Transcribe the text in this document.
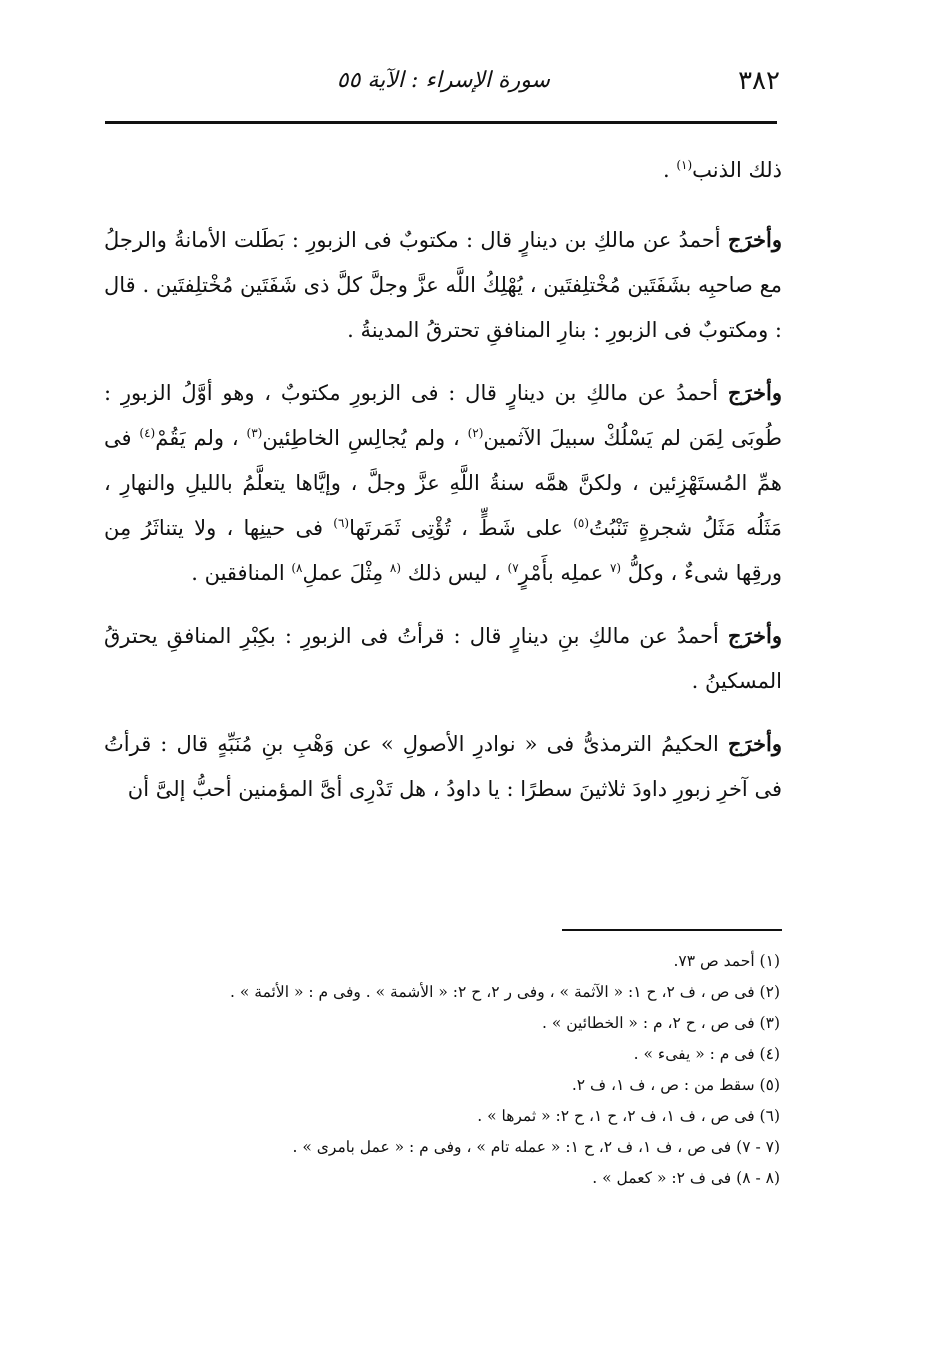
٣٨٢
سورة الإسراء : الآية ٥٥

ذلك الذنب$^{(١)}$ .

وأخرَج أحمدُ عن مالكِ بن دينارٍ قال : مكتوبٌ فى الزبورِ : بَطَلت الأمانةُ والرجلُ مع صاحبِه بشَفَتَين مُخْتلِفتَين ، يُهْلِكُ اللَّه عزَّ وجلَّ كلَّ ذى شَفَتَين مُخْتلِفتَين . قال : ومكتوبٌ فى الزبورِ : بنارِ المنافقِ تحترقُ المدينةُ .

وأخرَج أحمدُ عن مالكِ بن دينارٍ قال : فى الزبورِ مكتوبٌ ، وهو أوَّلُ الزبورِ : طُوبَى لِمَن لم يَسْلُكْ سبيلَ الآثمين$^{(٢)}$ ، ولم يُجالِسِ الخاطِئين$^{(٣)}$ ، ولم يَقُمْ$^{(٤)}$ فى همِّ المُستَهْزِئين ، ولكنَّ همَّه سنةُ اللَّهِ عزَّ وجلَّ ، وإيَّاها يتعلَّمُ بالليلِ والنهارِ ، مَثَلُه مَثَلُ شجرةٍ تَنْبُتُ$^{(٥)}$ على شَطٍّ ، تُؤْتِى ثَمَرتَها$^{(٦)}$ فى حينِها ، ولا يتناثَرُ مِن ورقِها شىءٌ ، وكلُّ $^{(٧}$ عملِه بأَمْرٍ$^{٧)}$ ، ليس ذلك $^{(٨}$ مِثْلَ عملِ$^{٨)}$ المنافقين .

وأخرَج أحمدُ عن مالكِ بنِ دينارٍ قال : قرأتُ فى الزبورِ : بكِبْرِ المنافقِ يحترقُ المسكينُ .

وأخرَج الحكيمُ الترمذىُّ فى « نوادرِ الأصولِ » عن وَهْبِ بنِ مُنَبِّهٍ قال : قرأتُ فى آخرِ زبورِ داودَ ثلاثينَ سطرًا : يا داودُ ، هل تَدْرِى أىَّ المؤمنين أحبُّ إلىَّ أن

(١) أحمد ص ٧٣.
(٢) فى ص ، ف ٢، ح ١: « الآثمة » ، وفى ر ٢، ح ٢: « الأشمة » . وفى م : « الأئمة » .
(٣) فى ص ، ح ٢، م : « الخطائين » .
(٤) فى م : « يفىء » .
(٥) سقط من : ص ، ف ١، ف ٢.
(٦) فى ص ، ف ١، ف ٢، ح ١، ح ٢: « ثمرها » .
(٧ - ٧) فى ص ، ف ١، ف ٢، ح ١: « عمله تام » ، وفى م : « عمل بامرى » .
(٨ - ٨) فى ف ٢: « كعمل » .
